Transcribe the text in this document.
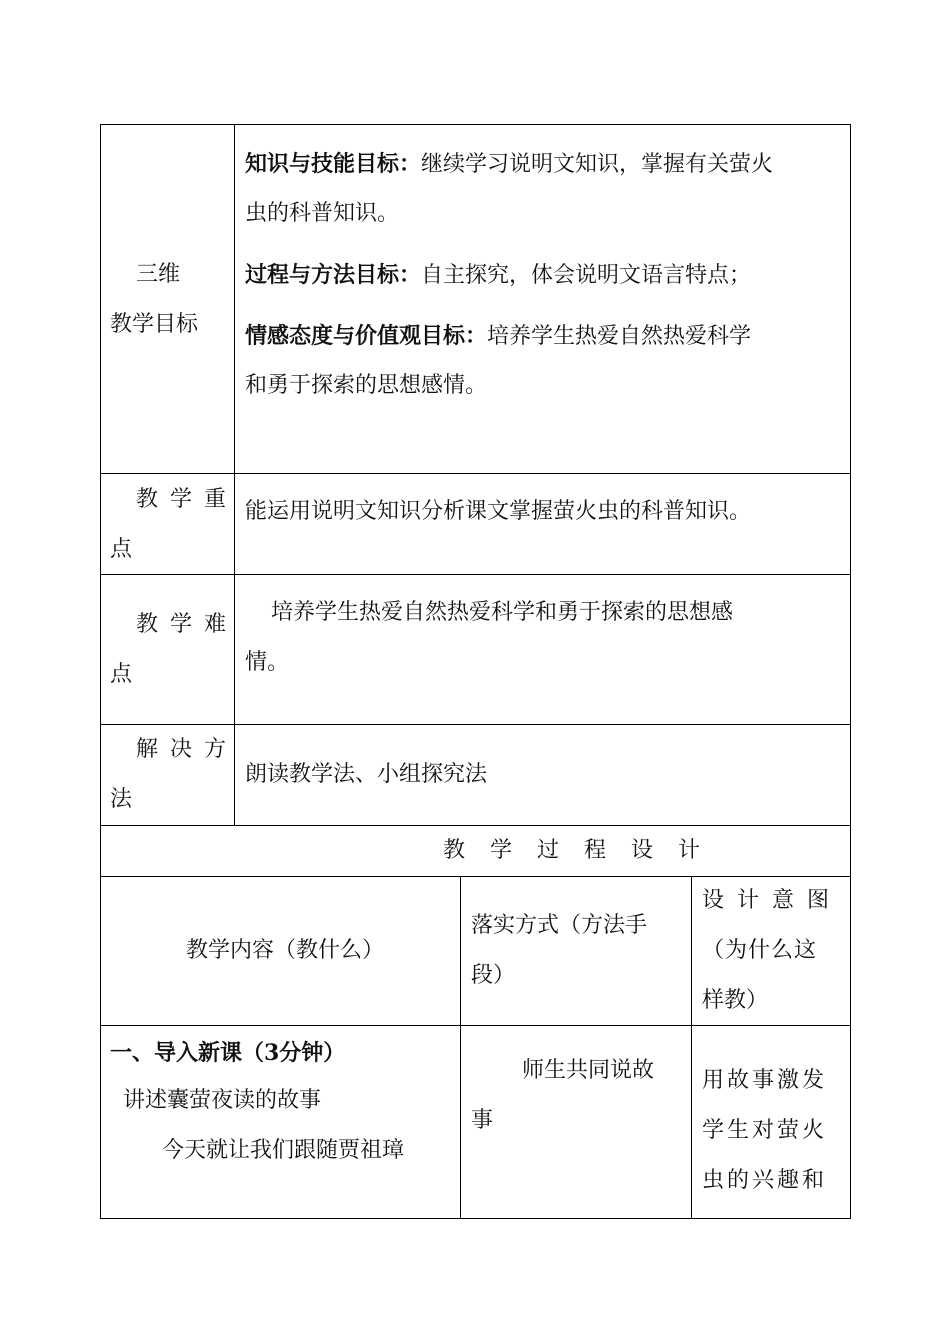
三维
教学目标
知识与技能目标：继续学习说明文知识，掌握有关萤火
虫的科普知识。
过程与方法目标：自主探究，体会说明文语言特点；
情感态度与价值观目标：培养学生热爱自然热爱科学
和勇于探索的思想感情。
教学重
点
能运用说明文知识分析课文掌握萤火虫的科普知识。
教学难
点
培养学生热爱自然热爱科学和勇于探索的思想感
情。
解决方
法
朗读教学法、小组探究法
教学过程设计
教学内容（教什么）
落实方式（方法手
段）
设计意图
（为什么这
样教）
一、导入新课（3分钟）
讲述囊萤夜读的故事
今天就让我们跟随贾祖璋
师生共同说故
事
用故事激发
学生对萤火
虫的兴趣和
